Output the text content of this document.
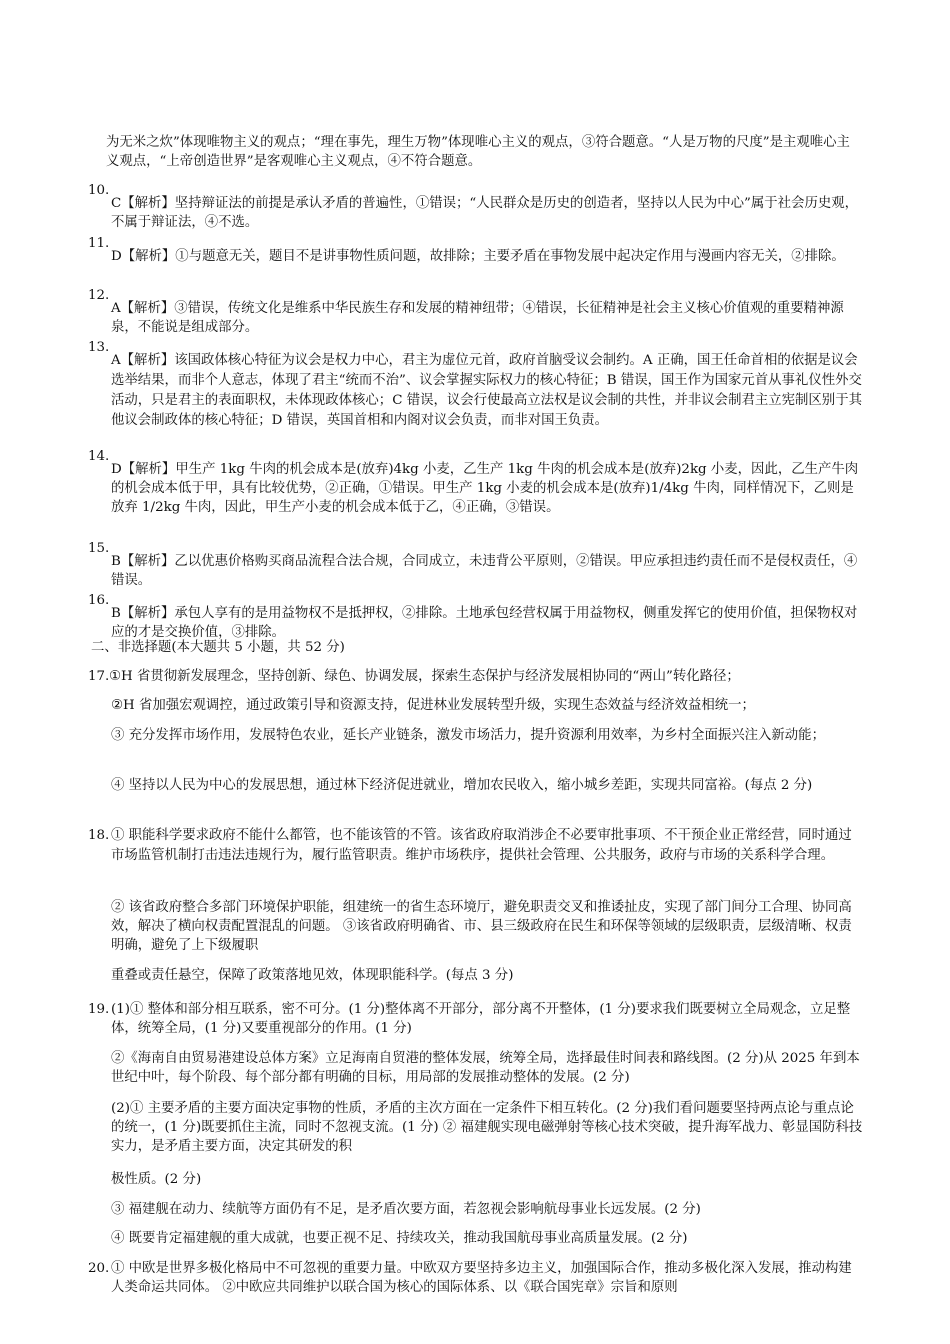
为无米之炊”体现唯物主义的观点；“理在事先，理生万物”体现唯心主义的观点，③符合题意。“人是万物的尺度”是主观唯心主义观点，“上帝创造世界”是客观唯心主义观点，④不符合题意。

10.

C【解析】坚持辩证法的前提是承认矛盾的普遍性，①错误；“人民群众是历史的创造者，坚持以人民为中心”属于社会历史观，不属于辩证法，④不选。

11.

D【解析】①与题意无关，题目不是讲事物性质问题，故排除；主要矛盾在事物发展中起决定作用与漫画内容无关，②排除。

12.

A【解析】③错误，传统文化是维系中华民族生存和发展的精神纽带；④错误，长征精神是社会主义核心价值观的重要精神源泉，不能说是组成部分。

13.

A【解析】该国政体核心特征为议会是权力中心，君主为虚位元首，政府首脑受议会制约。A 正确，国王任命首相的依据是议会选举结果，而非个人意志，体现了君主“统而不治”、议会掌握实际权力的核心特征；B 错误，国王作为国家元首从事礼仪性外交活动，只是君主的表面职权，未体现政体核心；C 错误，议会行使最高立法权是议会制的共性，并非议会制君主立宪制区别于其他议会制政体的核心特征；D 错误，英国首相和内阁对议会负责，而非对国王负责。

14.

D【解析】甲生产 1kg 牛肉的机会成本是(放弃)4kg 小麦，乙生产 1kg 牛肉的机会成本是(放弃)2kg 小麦，因此，乙生产牛肉的机会成本低于甲，具有比较优势，②正确，①错误。甲生产 1kg 小麦的机会成本是(放弃)1/4kg 牛肉，同样情况下，乙则是放弃 1/2kg 牛肉，因此，甲生产小麦的机会成本低于乙，④正确，③错误。

15.

B【解析】乙以优惠价格购买商品流程合法合规，合同成立，未违背公平原则，②错误。甲应承担违约责任而不是侵权责任，④错误。

16.

B【解析】承包人享有的是用益物权不是抵押权，②排除。土地承包经营权属于用益物权，侧重发挥它的使用价值，担保物权对应的才是交换价值，③排除。

二、非选择题(本大题共 5 小题，共 52 分)

17. ①H 省贯彻新发展理念，坚持创新、绿色、协调发展，探索生态保护与经济发展相协同的“两山”转化路径；

②H 省加强宏观调控，通过政策引导和资源支持，促进林业发展转型升级，实现生态效益与经济效益相统一；

③ 充分发挥市场作用，发展特色农业，延长产业链条，激发市场活力，提升资源利用效率，为乡村全面振兴注入新动能；

④ 坚持以人民为中心的发展思想，通过林下经济促进就业，增加农民收入，缩小城乡差距，实现共同富裕。(每点 2 分)

18. ① 职能科学要求政府不能什么都管，也不能该管的不管。该省政府取消涉企不必要审批事项、不干预企业正常经营，同时通过市场监管机制打击违法违规行为，履行监管职责。维护市场秩序，提供社会管理、公共服务，政府与市场的关系科学合理。

② 该省政府整合多部门环境保护职能，组建统一的省生态环境厅，避免职责交叉和推诿扯皮，实现了部门间分工合理、协同高效，解决了横向权责配置混乱的问题。 ③该省政府明确省、市、县三级政府在民生和环保等领域的层级职责，层级清晰、权责明确，避免了上下级履职

重叠或责任悬空，保障了政策落地见效，体现职能科学。(每点 3 分)

19. (1)① 整体和部分相互联系，密不可分。(1 分)整体离不开部分，部分离不开整体，(1 分)要求我们既要树立全局观念，立足整体，统筹全局，(1 分)又要重视部分的作用。(1 分)

②《海南自由贸易港建设总体方案》立足海南自贸港的整体发展，统筹全局，选择最佳时间表和路线图。(2 分)从 2025 年到本世纪中叶，每个阶段、每个部分都有明确的目标，用局部的发展推动整体的发展。(2 分)

(2)① 主要矛盾的主要方面决定事物的性质，矛盾的主次方面在一定条件下相互转化。(2 分)我们看问题要坚持两点论与重点论的统一，(1 分)既要抓住主流，同时不忽视支流。(1 分) ② 福建舰实现电磁弹射等核心技术突破，提升海军战力、彰显国防科技实力，是矛盾主要方面，决定其研发的积

极性质。(2 分)

③ 福建舰在动力、续航等方面仍有不足，是矛盾次要方面，若忽视会影响航母事业长远发展。(2 分)

④ 既要肯定福建舰的重大成就，也要正视不足、持续攻关，推动我国航母事业高质量发展。(2 分)

20. ① 中欧是世界多极化格局中不可忽视的重要力量。中欧双方要坚持多边主义，加强国际合作，推动多极化深入发展，推动构建人类命运共同体。 ②中欧应共同维护以联合国为核心的国际体系、以《联合国宪章》宗旨和原则
